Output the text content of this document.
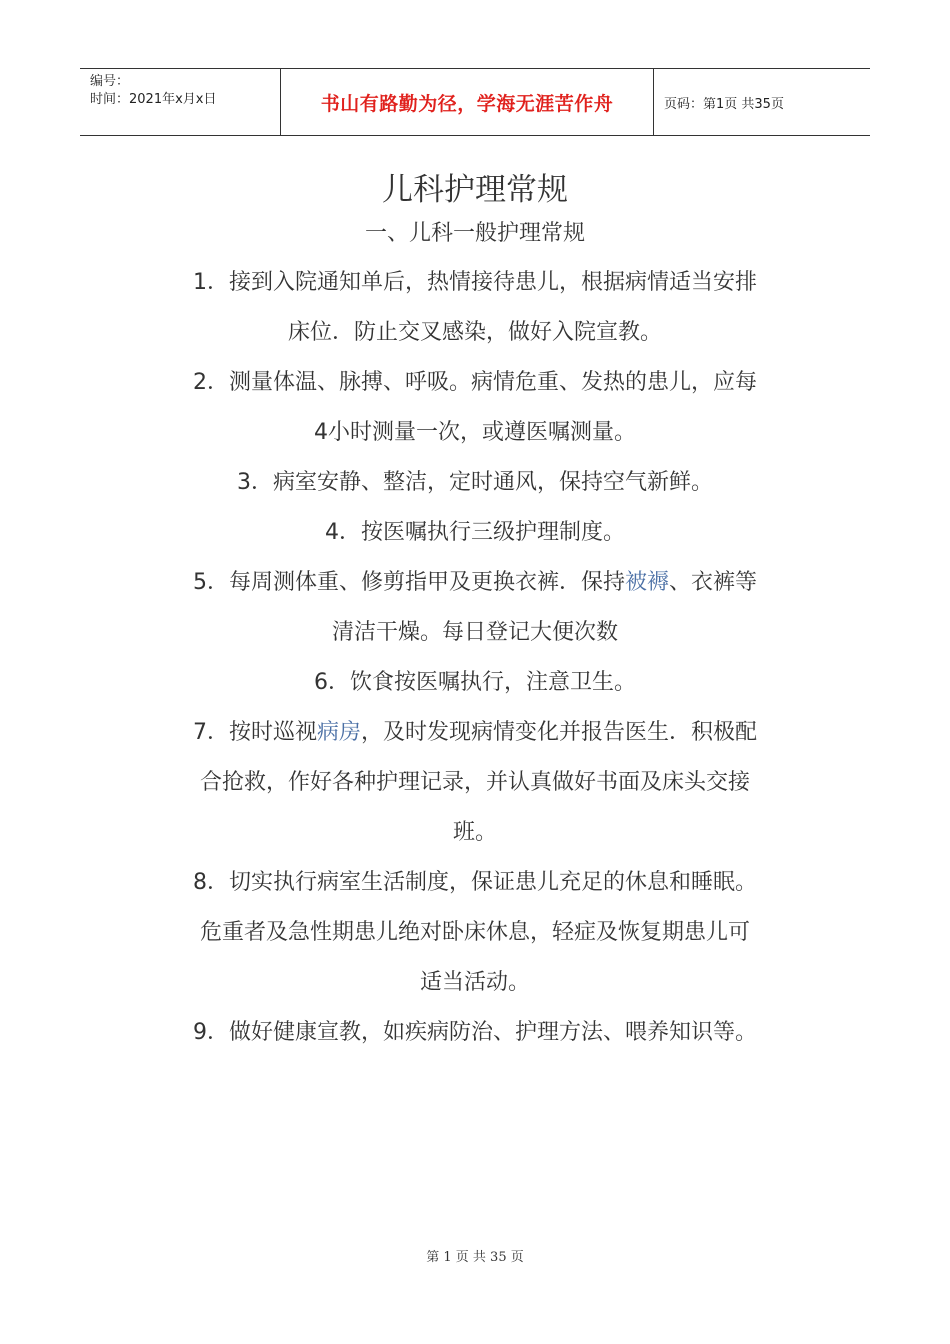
编号：
时间：2021年x月x日	书山有路勤为径，学海无涯苦作舟	页码：第1页 共35页
儿科护理常规
一、儿科一般护理常规
1．接到入院通知单后，热情接待患儿，根据病情适当安排
床位．防止交叉感染，做好入院宣教。
2．测量体温、脉搏、呼吸。病情危重、发热的患儿，应每
4小时测量一次，或遵医嘱测量。
3．病室安静、整洁，定时通风，保持空气新鲜。
4．按医嘱执行三级护理制度。
5．每周测体重、修剪指甲及更换衣裤．保持被褥、衣裤等
清洁干燥。每日登记大便次数
6．饮食按医嘱执行，注意卫生。
7．按时巡视病房，及时发现病情变化并报告医生．积极配
合抢救，作好各种护理记录，并认真做好书面及床头交接
班。
8．切实执行病室生活制度，保证患儿充足的休息和睡眠。
危重者及急性期患儿绝对卧床休息，轻症及恢复期患儿可
适当活动。
9．做好健康宣教，如疾病防治、护理方法、喂养知识等。
第 1 页 共 35 页
